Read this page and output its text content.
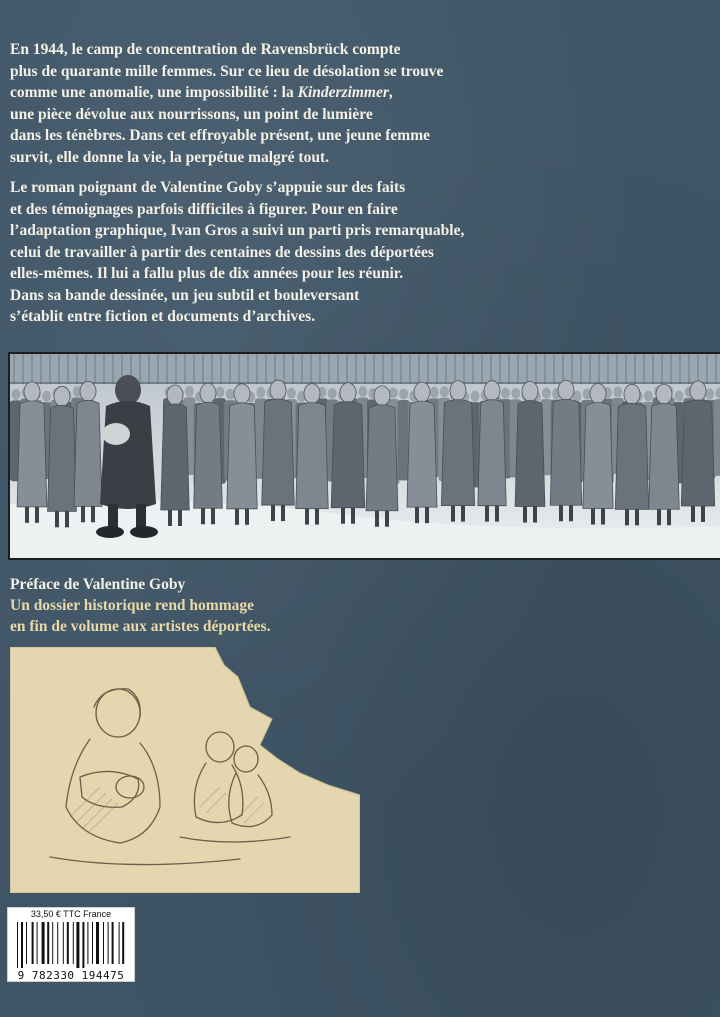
En 1944, le camp de concentration de Ravensbrück compte
plus de quarante mille femmes. Sur ce lieu de désolation se trouve
comme une anomalie, une impossibilité : la Kinderzimmer,
une pièce dévolue aux nourrissons, un point de lumière
dans les ténèbres. Dans cet effroyable présent, une jeune femme
survit, elle donne la vie, la perpétue malgré tout.

Le roman poignant de Valentine Goby s’appuie sur des faits
et des témoignages parfois difficiles à figurer. Pour en faire
l’adaptation graphique, Ivan Gros a suivi un parti pris remarquable,
celui de travailler à partir des centaines de dessins des déportées
elles-mêmes. Il lui a fallu plus de dix années pour les réunir.
Dans sa bande dessinée, un jeu subtil et bouleversant
s’établit entre fiction et documents d’archives.

Préface de Valentine Goby
Un dossier historique rend hommage
en fin de volume aux artistes déportées.
33,50 € TTC France
9 782330 194475
